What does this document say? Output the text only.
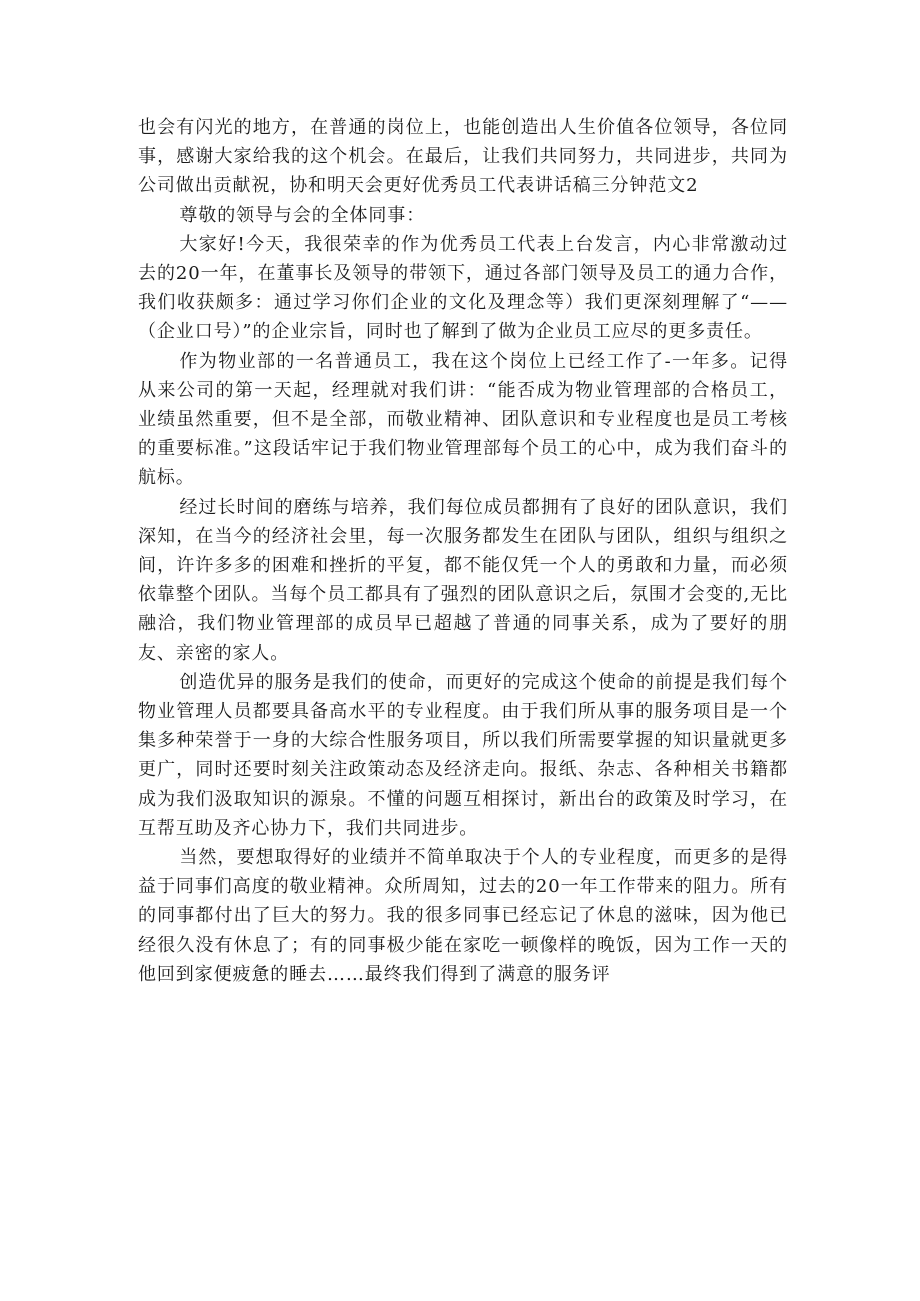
也会有闪光的地方，在普通的岗位上，也能创造出人生价值各位领导，各位同事，感谢大家给我的这个机会。在最后，让我们共同努力，共同进步，共同为公司做出贡献祝，协和明天会更好优秀员工代表讲话稿三分钟范文2

尊敬的领导与会的全体同事：

大家好!今天，我很荣幸的作为优秀员工代表上台发言，内心非常激动过去的20一年，在董事长及领导的带领下，通过各部门领导及员工的通力合作，我们收获颇多：通过学习你们企业的文化及理念等）我们更深刻理解了“——（企业口号）”的企业宗旨，同时也了解到了做为企业员工应尽的更多责任。

作为物业部的一名普通员工，我在这个岗位上已经工作了-一年多。记得从来公司的第一天起，经理就对我们讲：“能否成为物业管理部的合格员工，业绩虽然重要，但不是全部，而敬业精神、团队意识和专业程度也是员工考核的重要标准。”这段话牢记于我们物业管理部每个员工的心中，成为我们奋斗的航标。

经过长时间的磨练与培养，我们每位成员都拥有了良好的团队意识，我们深知，在当今的经济社会里，每一次服务都发生在团队与团队，组织与组织之间，许许多多的困难和挫折的平复，都不能仅凭一个人的勇敢和力量，而必须依靠整个团队。当每个员工都具有了强烈的团队意识之后，氛围才会变的,无比融洽，我们物业管理部的成员早已超越了普通的同事关系，成为了要好的朋友、亲密的家人。

创造优异的服务是我们的使命，而更好的完成这个使命的前提是我们每个物业管理人员都要具备高水平的专业程度。由于我们所从事的服务项目是一个集多种荣誉于一身的大综合性服务项目，所以我们所需要掌握的知识量就更多更广，同时还要时刻关注政策动态及经济走向。报纸、杂志、各种相关书籍都成为我们汲取知识的源泉。不懂的问题互相探讨，新出台的政策及时学习，在互帮互助及齐心协力下，我们共同进步。

当然，要想取得好的业绩并不简单取决于个人的专业程度，而更多的是得益于同事们高度的敬业精神。众所周知，过去的20一年工作带来的阻力。所有的同事都付出了巨大的努力。我的很多同事已经忘记了休息的滋味，因为他已经很久没有休息了；有的同事极少能在家吃一顿像样的晚饭，因为工作一天的他回到家便疲惫的睡去……最终我们得到了满意的服务评
